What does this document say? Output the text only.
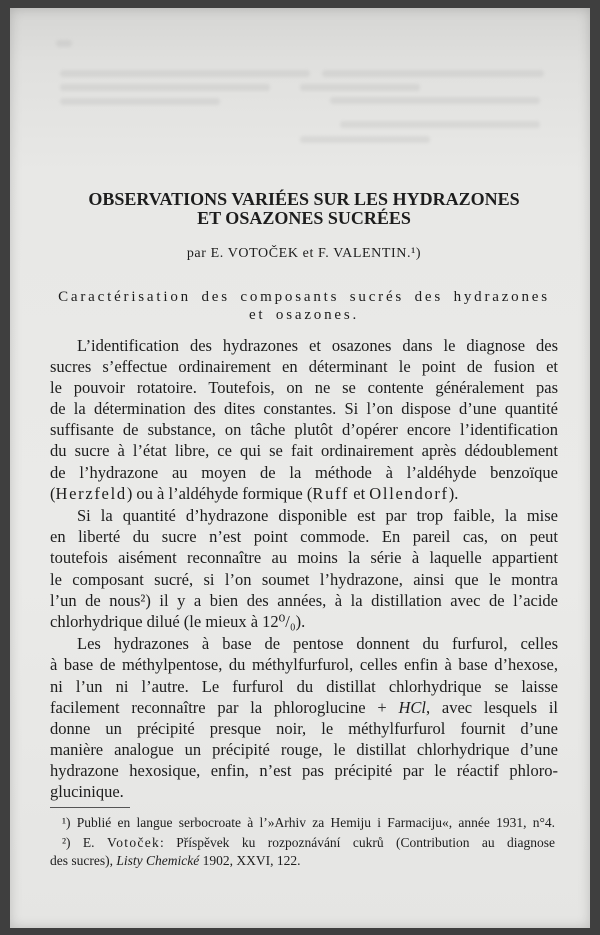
OBSERVATIONS VARIÉES SUR LES HYDRAZONES
ET OSAZONES SUCRÉES
par E. VOTOČEK et F. VALENTIN.¹)
Caractérisation des composants sucrés des hydrazones
et osazones.
L’identification des hydrazones et osazones dans le diagnose des
sucres s’effectue ordinairement en déterminant le point de fusion et
le pouvoir rotatoire. Toutefois, on ne se contente généralement pas
de la détermination des dites constantes. Si l’on dispose d’une quantité
suffisante de substance, on tâche plutôt d’opérer encore l’identification
du sucre à l’état libre, ce qui se fait ordinairement après dédoublement
de l’hydrazone au moyen de la méthode à l’aldéhyde benzoïque
(Herzfeld) ou à l’aldéhyde formique (Ruff et Ollendorf).
Si la quantité d’hydrazone disponible est par trop faible, la mise
en liberté du sucre n’est point commode. En pareil cas, on peut
toutefois aisément reconnaître au moins la série à laquelle appartient
le composant sucré, si l’on soumet l’hydrazone, ainsi que le montra
l’un de nous²) il y a bien des années, à la distillation avec de l’acide
chlorhydrique dilué (le mieux à 12⁰/₀).
Les hydrazones à base de pentose donnent du furfurol, celles
à base de méthylpentose, du méthylfurfurol, celles enfin à base d’hexose,
ni l’un ni l’autre. Le furfurol du distillat chlorhydrique se laisse
facilement reconnaître par la phloroglucine + HCl, avec lesquels il
donne un précipité presque noir, le méthylfurfurol fournit d’une
manière analogue un précipité rouge, le distillat chlorhydrique d’une
hydrazone hexosique, enfin, n’est pas précipité par le réactif phloro-
glucinique.
¹) Publié en langue serbocroate à l’»Arhiv za Hemiju i Farmaciju«, année 1931, n°4.
²) E. Votoček: Příspěvek ku rozpoznávání cukrů (Contribution au diagnose
des sucres), Listy Chemické 1902, XXVI, 122.
